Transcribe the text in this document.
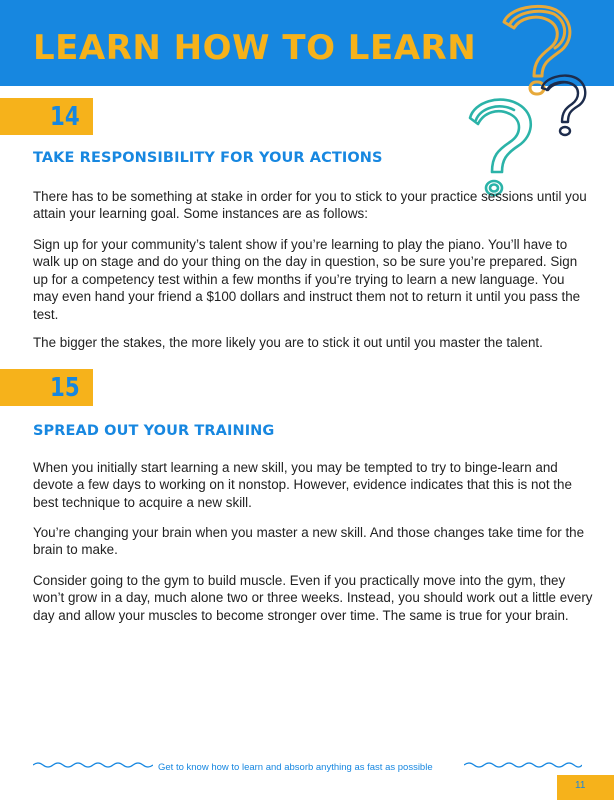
LEARN HOW TO LEARN
14
TAKE RESPONSIBILITY FOR YOUR ACTIONS

There has to be something at stake in order for you to stick to your practice sessions until you attain your learning goal. Some instances are as follows:

Sign up for your community’s talent show if you’re learning to play the piano. You’ll have to walk up on stage and do your thing on the day in question, so be sure you’re prepared. Sign up for a competency test within a few months if you’re trying to learn a new language. You may even hand your friend a $100 dollars and instruct them not to return it until you pass the test.

The bigger the stakes, the more likely you are to stick it out until you master the talent.

15
SPREAD OUT YOUR TRAINING

When you initially start learning a new skill, you may be tempted to try to binge-learn and devote a few days to working on it nonstop. However, evidence indicates that this is not the best technique to acquire a new skill.

You’re changing your brain when you master a new skill. And those changes take time for the brain to make.

Consider going to the gym to build muscle. Even if you practically move into the gym, they won’t grow in a day, much alone two or three weeks. Instead, you should work out a little every day and allow your muscles to become stronger over time. The same is true for your brain.

Get to know how to learn and absorb anything as fast as possible
11
